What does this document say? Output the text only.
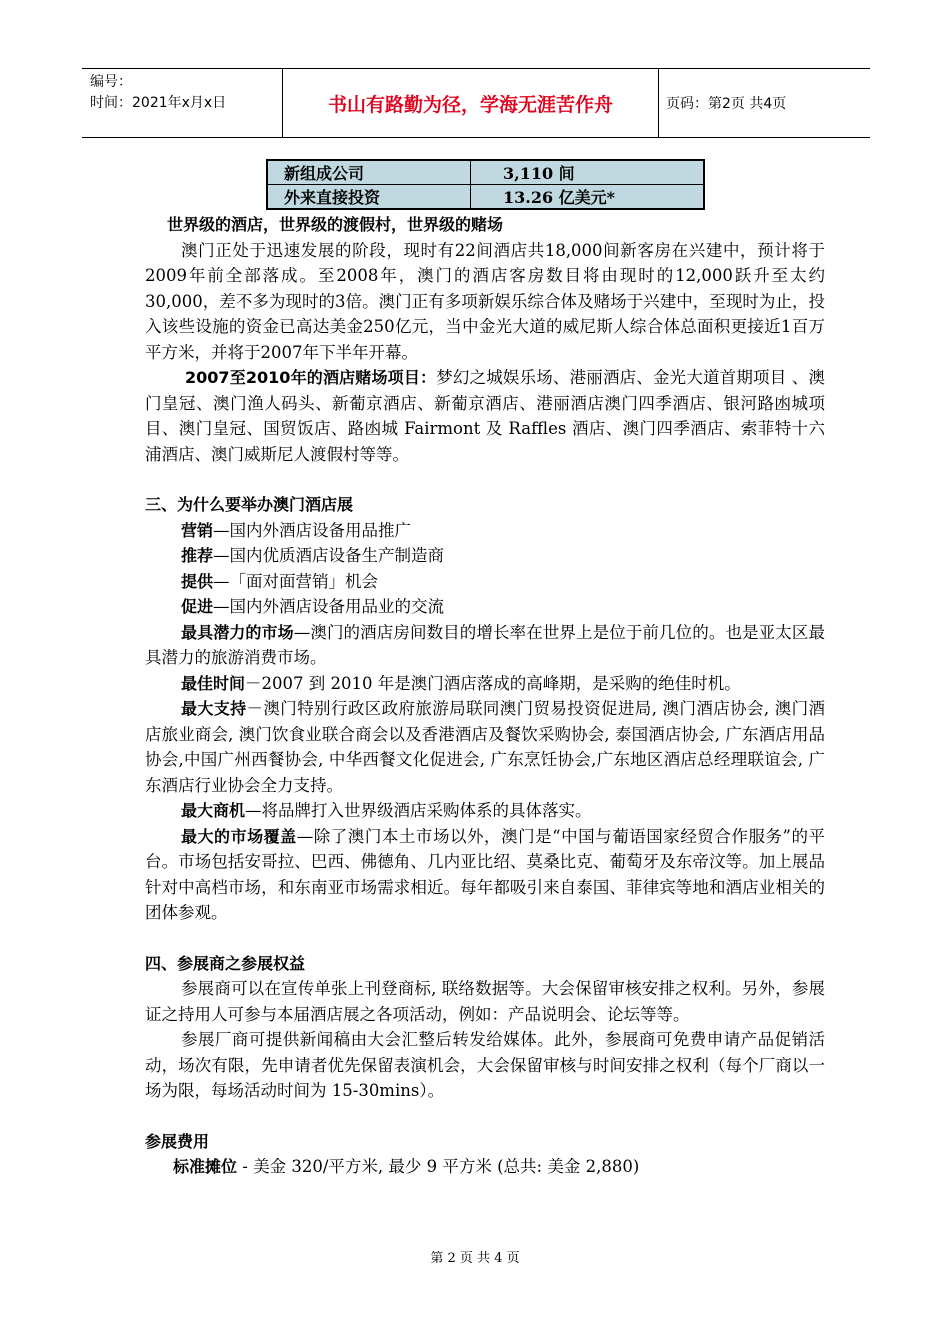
编号：
时间：2021年x月x日	书山有路勤为径，学海无涯苦作舟	页码：第2页 共4页
新组成公司	3,110 间
外来直接投资	13.26 亿美元*

世界级的酒店，世界级的渡假村，世界级的赌场

澳门正处于迅速发展的阶段，现时有22间酒店共18,000间新客房在兴建中，预计将于2009年前全部落成。至2008年，澳门的酒店客房数目将由现时的12,000跃升至太约30,000，差不多为现时的3倍。澳门正有多项新娱乐综合体及赌场于兴建中，至现时为止，投入该些设施的资金已高达美金250亿元，当中金光大道的威尼斯人综合体总面积更接近1百万平方米，并将于2007年下半年开幕。

2007至2010年的酒店赌场项目：梦幻之城娱乐场、港丽酒店、金光大道首期项目 、澳门皇冠、澳门渔人码头、新葡京酒店、新葡京酒店、港丽酒店澳门四季酒店、银河路凼城项目、澳门皇冠、国贸饭店、路凼城 Fairmont 及 Raffles 酒店、澳门四季酒店、索菲特十六浦酒店、澳门威斯尼人渡假村等等。

三、为什么要举办澳门酒店展

营销—国内外酒店设备用品推广

推荐—国内优质酒店设备生产制造商

提供—「面对面营销」机会

促进—国内外酒店设备用品业的交流

最具潜力的市场—澳门的酒店房间数目的增长率在世界上是位于前几位的。也是亚太区最具潜力的旅游消费市场。

最佳时间－2007 到 2010 年是澳门酒店落成的高峰期，是采购的绝佳时机。

最大支持－澳门特别行政区政府旅游局联同澳门贸易投资促进局, 澳门酒店协会, 澳门酒店旅业商会, 澳门饮食业联合商会以及香港酒店及餐饮采购协会, 泰国酒店协会, 广东酒店用品协会,中国广州西餐协会, 中华西餐文化促进会, 广东烹饪协会,广东地区酒店总经理联谊会, 广东酒店行业协会全力支持。

最大商机—将品牌打入世界级酒店采购体系的具体落实。

最大的市场覆盖—除了澳门本土市场以外，澳门是“中国与葡语国家经贸合作服务”的平台。市场包括安哥拉、巴西、佛德角、几内亚比绍、莫桑比克、葡萄牙及东帝汶等。加上展品针对中高档市场，和东南亚市场需求相近。每年都吸引来自泰国、菲律宾等地和酒店业相关的团体参观。

四、参展商之参展权益

参展商可以在宣传单张上刊登商标, 联络数据等。大会保留审核安排之权利。另外，参展证之持用人可参与本届酒店展之各项活动，例如：产品说明会、论坛等等。

参展厂商可提供新闻稿由大会汇整后转发给媒体。此外，参展商可免费申请产品促销活动，场次有限，先申请者优先保留表演机会，大会保留审核与时间安排之权利（每个厂商以一场为限，每场活动时间为 15-30mins）。

参展费用

标准摊位 - 美金 320/平方米, 最少 9 平方米 (总共: 美金 2,880)

第 2 页 共 4 页
